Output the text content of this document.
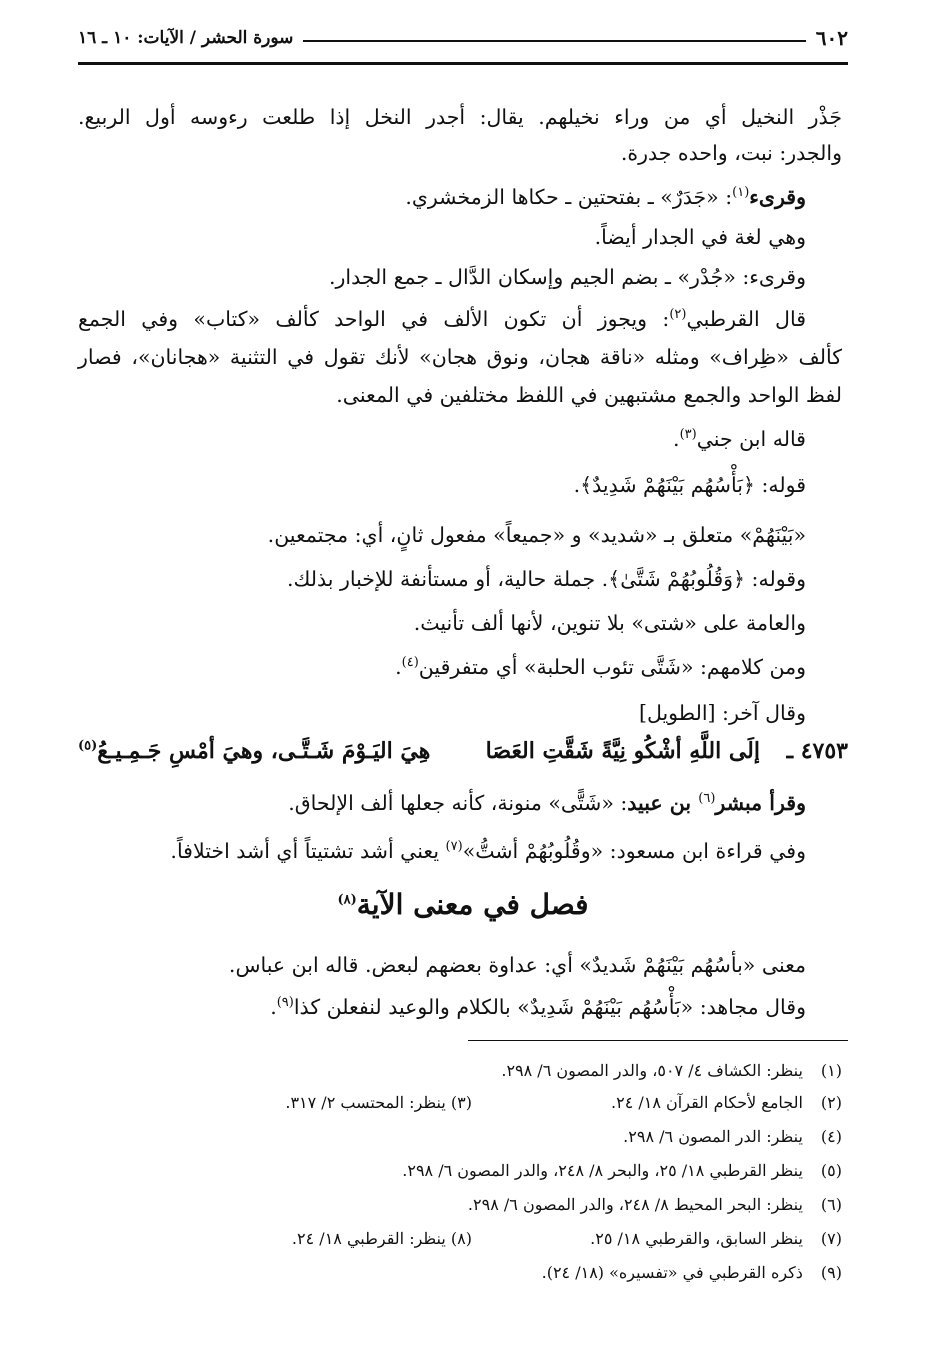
٦٠٢
سورة الحشر / الآيات: ١٠ ـ ١٦
جَذْر النخيل أي من وراء نخيلهم. يقال: أجدر النخل إذا طلعت رءوسه أول الربيع.
والجدر: نبت، واحده جدرة.
وقرىء$^{(١)}$: «جَدَرٌ» ـ بفتحتين ـ حكاها الزمخشري.
وهي لغة في الجدار أيضاً.
وقرىء: «جُدْر» ـ بضم الجيم وإسكان الدَّال ـ جمع الجدار.
قال القرطبي$^{(٢)}$: ويجوز أن تكون الألف في الواحد كألف «كتاب» وفي الجمع
كألف «ظِراف» ومثله «ناقة هجان، ونوق هجان» لأنك تقول في التثنية «هجانان»، فصار
لفظ الواحد والجمع مشتبهين في اللفظ مختلفين في المعنى.
قاله ابن جني$^{(٣)}$.
قوله: ﴿بَأْسُهُم بَيْنَهُمْ شَدِيدٌ﴾.
«بَيْنَهُمْ» متعلق بـ «شديد» و «جميعاً» مفعول ثانٍ، أي: مجتمعين.
وقوله: ﴿وَقُلُوبُهُمْ شَتَّىٰ﴾. جملة حالية، أو مستأنفة للإخبار بذلك.
والعامة على «شتى» بلا تنوين، لأنها ألف تأنيث.
ومن كلامهم: «شَتَّى تئوب الحلبة» أي متفرقين$^{(٤)}$.
وقال آخر: [الطويل]
٤٧٥٣ ـ
إلَى اللَّهِ أشْكُو نِيَّةً شَقَّتِ العَصَا
هِيَ اليَـوْمَ شَـتَّـى، وهيَ أمْسِ جَـمِـيـعُ$^{(٥)}$
وقرأ مبشر$^{(٦)}$ بن عبيد: «شَتًّى» منونة، كأنه جعلها ألف الإلحاق.
وفي قراءة ابن مسعود: «وقُلُوبُهُمْ أشتُّ»$^{(٧)}$ يعني أشد تشتيتاً أي أشد اختلافاً.
فصل في معنى الآية$^{(٨)}$
معنى «بأسُهُم بَيْنَهُمْ شَديدٌ» أي: عداوة بعضهم لبعض. قاله ابن عباس.
وقال مجاهد: «بَأْسُهُم بَيْنَهُمْ شَدِيدٌ» بالكلام والوعيد لنفعلن كذا$^{(٩)}$.
(١) ينظر: الكشاف ٤/ ٥٠٧، والدر المصون ٦/ ٢٩٨.
(٢) الجامع لأحكام القرآن ١٨/ ٢٤.
(٣) ينظر: المحتسب ٢/ ٣١٧.
(٤) ينظر: الدر المصون ٦/ ٢٩٨.
(٥) ينظر القرطبي ١٨/ ٢٥، والبحر ٨/ ٢٤٨، والدر المصون ٦/ ٢٩٨.
(٦) ينظر: البحر المحيط ٨/ ٢٤٨، والدر المصون ٦/ ٢٩٨.
(٧) ينظر السابق، والقرطبي ١٨/ ٢٥.
(٨) ينظر: القرطبي ١٨/ ٢٤.
(٩) ذكره القرطبي في «تفسيره» (١٨/ ٢٤).
